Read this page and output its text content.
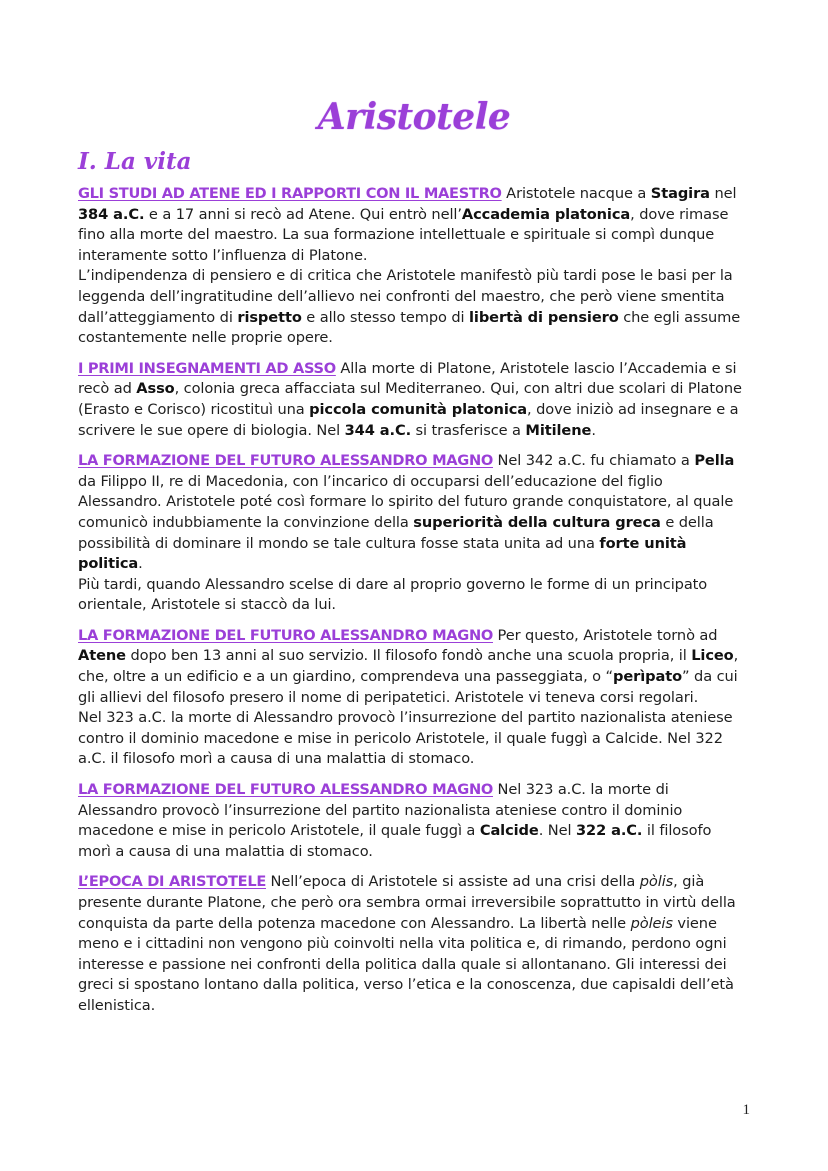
Aristotele
I. La vita

GLI STUDI AD ATENE ED I RAPPORTI CON IL MAESTRO Aristotele nacque a Stagira nel 384 a.C. e a 17 anni si recò ad Atene. Qui entrò nell’Accademia platonica, dove rimase fino alla morte del maestro. La sua formazione intellettuale e spirituale si compì dunque interamente sotto l’influenza di Platone.
L’indipendenza di pensiero e di critica che Aristotele manifestò più tardi pose le basi per la leggenda dell’ingratitudine dell’allievo nei confronti del maestro, che però viene smentita dall’atteggiamento di rispetto e allo stesso tempo di libertà di pensiero che egli assume costantemente nelle proprie opere.

I PRIMI INSEGNAMENTI AD ASSO Alla morte di Platone, Aristotele lascio l’Accademia e si recò ad Asso, colonia greca affacciata sul Mediterraneo. Qui, con altri due scolari di Platone (Erasto e Corisco) ricostituì una piccola comunità platonica, dove iniziò ad insegnare e a scrivere le sue opere di biologia. Nel 344 a.C. si trasferisce a Mitilene.

LA FORMAZIONE DEL FUTURO ALESSANDRO MAGNO Nel 342 a.C. fu chiamato a Pella da Filippo II, re di Macedonia, con l’incarico di occuparsi dell’educazione del figlio Alessandro. Aristotele poté così formare lo spirito del futuro grande conquistatore, al quale comunicò indubbiamente la convinzione della superiorità della cultura greca e della possibilità di dominare il mondo se tale cultura fosse stata unita ad una forte unità politica.
Più tardi, quando Alessandro scelse di dare al proprio governo le forme di un principato orientale, Aristotele si staccò da lui.

LA FORMAZIONE DEL FUTURO ALESSANDRO MAGNO Per questo, Aristotele tornò ad Atene dopo ben 13 anni al suo servizio. Il filosofo fondò anche una scuola propria, il Liceo, che, oltre a un edificio e a un giardino, comprendeva una passeggiata, o “perìpato” da cui gli allievi del filosofo presero il nome di peripatetici. Aristotele vi teneva corsi regolari.
Nel 323 a.C. la morte di Alessandro provocò l’insurrezione del partito nazionalista ateniese contro il dominio macedone e mise in pericolo Aristotele, il quale fuggì a Calcide. Nel 322 a.C. il filosofo morì a causa di una malattia di stomaco.

LA FORMAZIONE DEL FUTURO ALESSANDRO MAGNO Nel 323 a.C. la morte di Alessandro provocò l’insurrezione del partito nazionalista ateniese contro il dominio macedone e mise in pericolo Aristotele, il quale fuggì a Calcide. Nel 322 a.C. il filosofo morì a causa di una malattia di stomaco.

L’EPOCA DI ARISTOTELE Nell’epoca di Aristotele si assiste ad una crisi della pòlis, già presente durante Platone, che però ora sembra ormai irreversibile soprattutto in virtù della conquista da parte della potenza macedone con Alessandro. La libertà nelle pòleis viene meno e i cittadini non vengono più coinvolti nella vita politica e, di rimando, perdono ogni interesse e passione nei confronti della politica dalla quale si allontanano. Gli interessi dei greci si spostano lontano dalla politica, verso l’etica e la conoscenza, due capisaldi dell’età ellenistica.

1
